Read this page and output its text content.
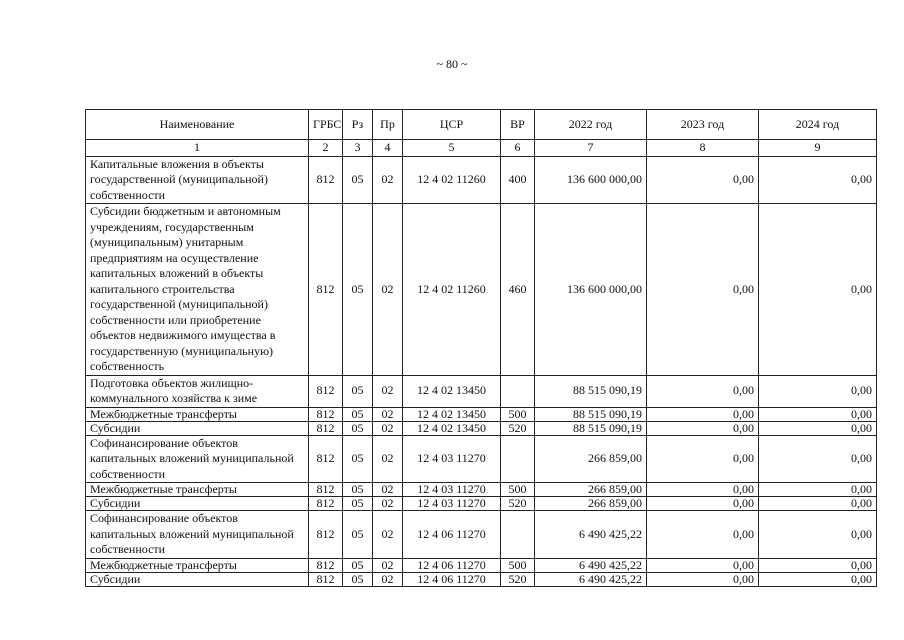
~ 80 ~
Наименование	ГРБС	Рз	Пр	ЦСР	ВР	2022 год	2023 год	2024 год
1	2	3	4	5	6	7	8	9
Капитальные вложения в объекты государственной (муниципальной) собственности	812	05	02	12 4 02 11260	400	136 600 000,00	0,00	0,00
Субсидии бюджетным и автономным учреждениям, государственным (муниципальным) унитарным предприятиям на осуществление капитальных вложений в объекты капитального строительства государственной (муниципальной) собственности или приобретение объектов недвижимого имущества в государственную (муниципальную) собственность	812	05	02	12 4 02 11260	460	136 600 000,00	0,00	0,00
Подготовка объектов жилищно-коммунального хозяйства к зиме	812	05	02	12 4 02 13450		88 515 090,19	0,00	0,00
Межбюджетные трансферты	812	05	02	12 4 02 13450	500	88 515 090,19	0,00	0,00
Субсидии	812	05	02	12 4 02 13450	520	88 515 090,19	0,00	0,00
Софинансирование объектов капитальных вложений муниципальной собственности	812	05	02	12 4 03 11270		266 859,00	0,00	0,00
Межбюджетные трансферты	812	05	02	12 4 03 11270	500	266 859,00	0,00	0,00
Субсидии	812	05	02	12 4 03 11270	520	266 859,00	0,00	0,00
Софинансирование объектов капитальных вложений муниципальной собственности	812	05	02	12 4 06 11270		6 490 425,22	0,00	0,00
Межбюджетные трансферты	812	05	02	12 4 06 11270	500	6 490 425,22	0,00	0,00
Субсидии	812	05	02	12 4 06 11270	520	6 490 425,22	0,00	0,00
